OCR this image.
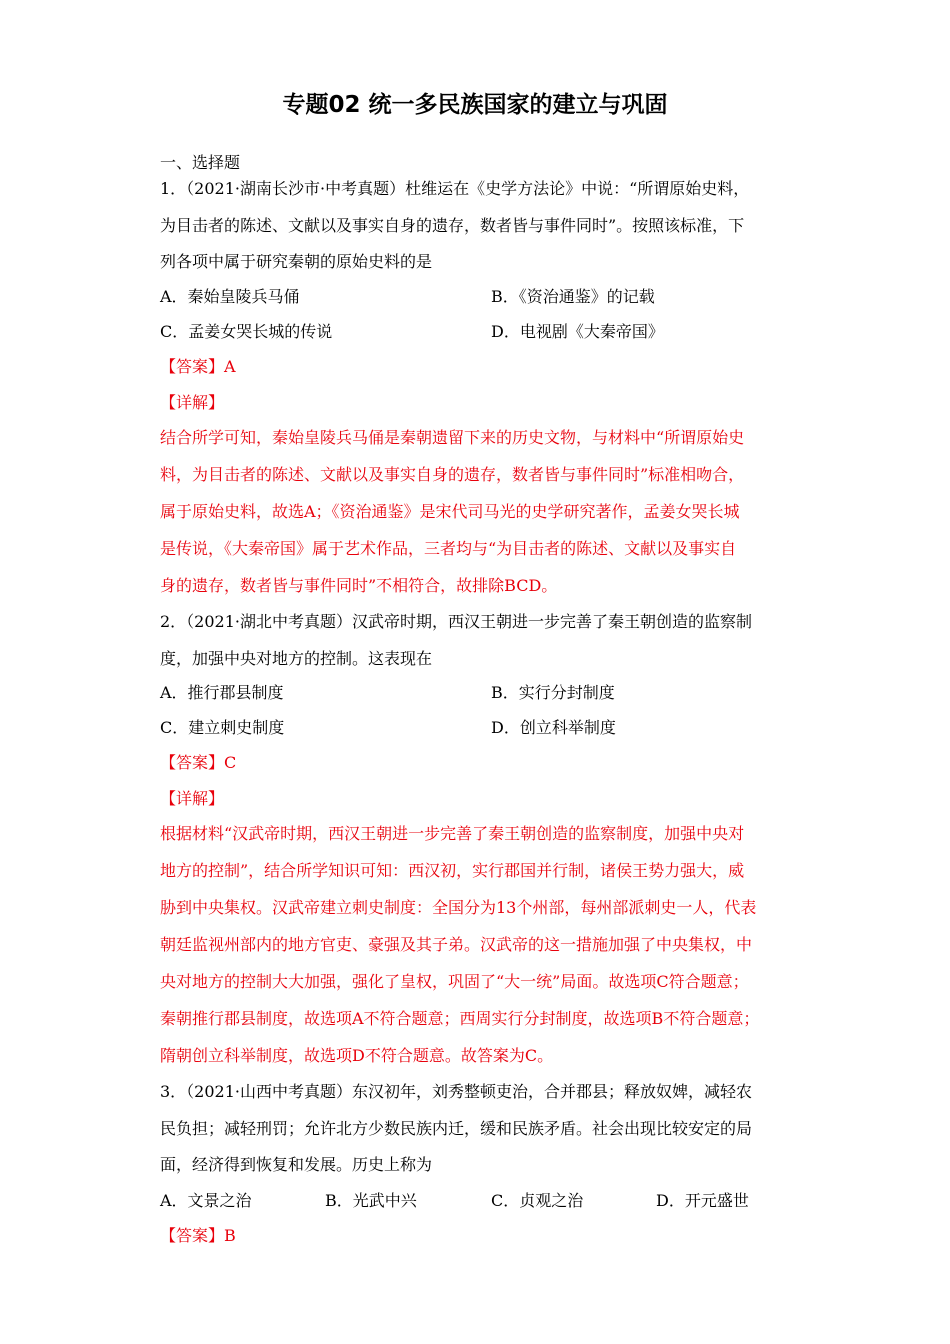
专题02 统一多民族国家的建立与巩固
一、选择题
1．（2021·湖南长沙市·中考真题）杜维运在《史学方法论》中说：“所谓原始史料，
为目击者的陈述、文献以及事实自身的遗存，数者皆与事件同时”。按照该标准，下
列各项中属于研究秦朝的原始史料的是
A．秦始皇陵兵马俑	B．《资治通鉴》的记载
C．孟姜女哭长城的传说	D．电视剧《大秦帝国》
【答案】A
【详解】
结合所学可知，秦始皇陵兵马俑是秦朝遗留下来的历史文物，与材料中“所谓原始史
料，为目击者的陈述、文献以及事实自身的遗存，数者皆与事件同时”标准相吻合，
属于原始史料，故选A；《资治通鉴》是宋代司马光的史学研究著作，孟姜女哭长城
是传说，《大秦帝国》属于艺术作品，三者均与“为目击者的陈述、文献以及事实自
身的遗存，数者皆与事件同时”不相符合，故排除BCD。
2．（2021·湖北中考真题）汉武帝时期，西汉王朝进一步完善了秦王朝创造的监察制
度，加强中央对地方的控制。这表现在
A．推行郡县制度	B．实行分封制度
C．建立刺史制度	D．创立科举制度
【答案】C
【详解】
根据材料“汉武帝时期，西汉王朝进一步完善了秦王朝创造的监察制度，加强中央对
地方的控制”，结合所学知识可知：西汉初，实行郡国并行制，诸侯王势力强大，威
胁到中央集权。汉武帝建立刺史制度：全国分为13个州部，每州部派刺史一人，代表
朝廷监视州部内的地方官吏、豪强及其子弟。汉武帝的这一措施加强了中央集权，中
央对地方的控制大大加强，强化了皇权，巩固了“大一统”局面。故选项C符合题意；
秦朝推行郡县制度，故选项A不符合题意；西周实行分封制度，故选项B不符合题意；
隋朝创立科举制度，故选项D不符合题意。故答案为C。
3．（2021·山西中考真题）东汉初年，刘秀整顿吏治，合并郡县；释放奴婢，减轻农
民负担；减轻刑罚；允许北方少数民族内迁，缓和民族矛盾。社会出现比较安定的局
面，经济得到恢复和发展。历史上称为
A．文景之治	B．光武中兴	C．贞观之治	D．开元盛世
【答案】B
